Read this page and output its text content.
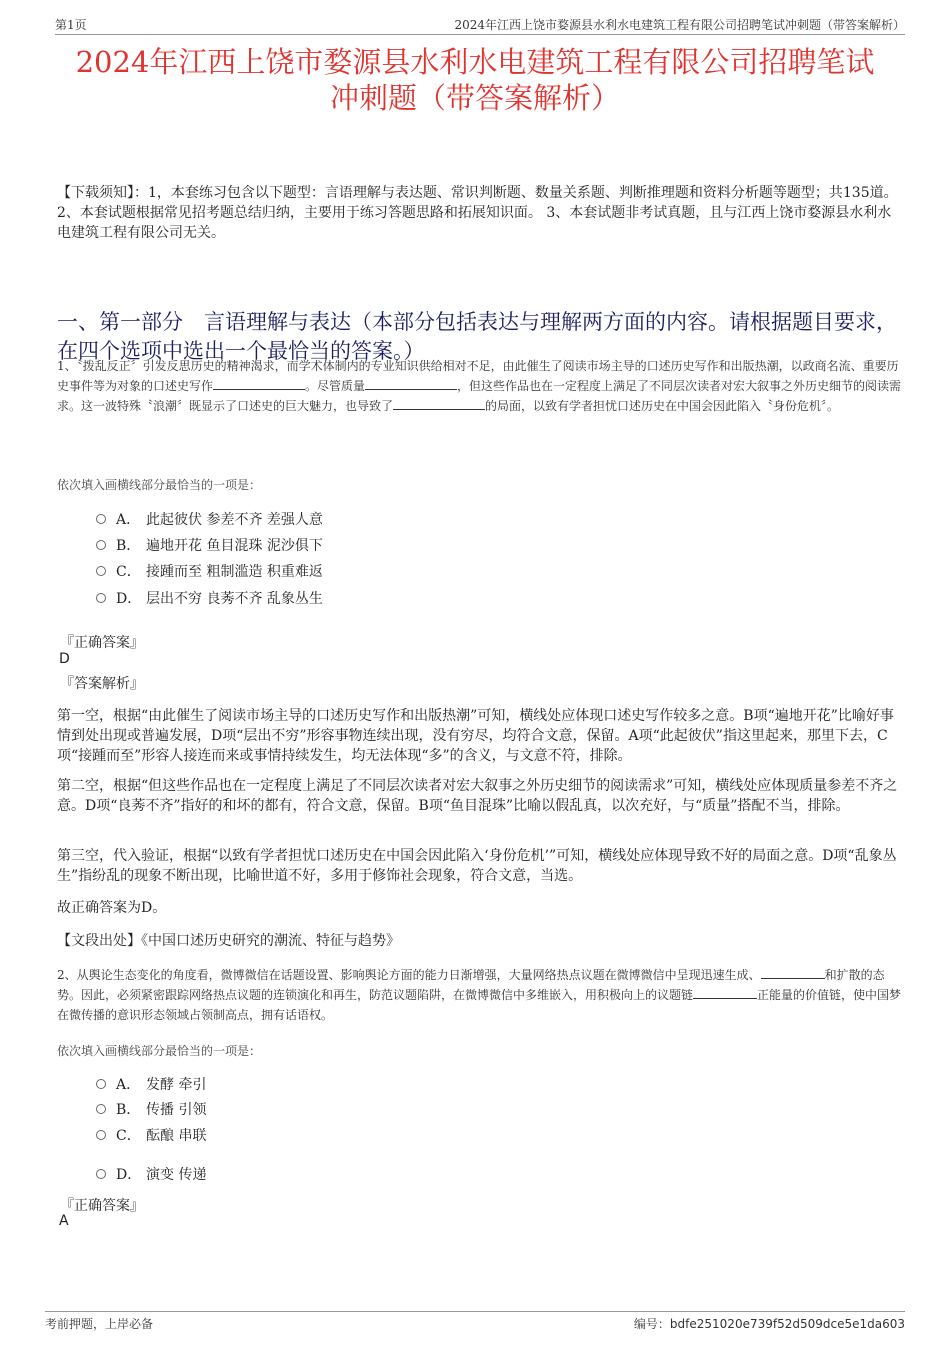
第1页	2024年江西上饶市婺源县水利水电建筑工程有限公司招聘笔试冲刺题（带答案解析）
2024年江西上饶市婺源县水利水电建筑工程有限公司招聘笔试
冲刺题（带答案解析）
【下载须知】：1，本套练习包含以下题型：言语理解与表达题、常识判断题、数量关系题、判断推理题和资料分析题等题型；共135道。 2、本套试题根据常见招考题总结归纳，主要用于练习答题思路和拓展知识面。 3、本套试题非考试真题，且与江西上饶市婺源县水利水电建筑工程有限公司无关。
一、第一部分　言语理解与表达（本部分包括表达与理解两方面的内容。请根据题目要求，在四个选项中选出一个最恰当的答案。）
1、〝拨乱反正〞引发反思历史的精神渴求，而学术体制内的专业知识供给相对不足，由此催生了阅读市场主导的口述历史写作和出版热潮，以政商名流、重要历史事件等为对象的口述史写作	。尽管质量	，但这些作品也在一定程度上满足了不同层次读者对宏大叙事之外历史细节的阅读需求。这一波特殊〝浪潮〞既显示了口述史的巨大魅力，也导致了	的局面，以致有学者担忧口述历史在中国会因此陷入〝身份危机〞。
依次填入画横线部分最恰当的一项是：
A． 此起彼伏 参差不齐 差强人意
B． 遍地开花 鱼目混珠 泥沙俱下
C． 接踵而至 粗制滥造 积重难返
D． 层出不穷 良莠不齐 乱象丛生
『正确答案』
D
『答案解析』
第一空，根据“由此催生了阅读市场主导的口述历史写作和出版热潮”可知，横线处应体现口述史写作较多之意。B项“遍地开花”比喻好事情到处出现或普遍发展，D项“层出不穷”形容事物连续出现，没有穷尽，均符合文意，保留。A项“此起彼伏”指这里起来，那里下去，C项“接踵而至”形容人接连而来或事情持续发生，均无法体现“多”的含义，与文意不符，排除。
第二空，根据“但这些作品也在一定程度上满足了不同层次读者对宏大叙事之外历史细节的阅读需求”可知，横线处应体现质量参差不齐之意。D项“良莠不齐”指好的和坏的都有，符合文意，保留。B项“鱼目混珠”比喻以假乱真，以次充好，与“质量”搭配不当，排除。
第三空，代入验证，根据“以致有学者担忧口述历史在中国会因此陷入‘身份危机’”可知，横线处应体现导致不好的局面之意。D项“乱象丛生”指纷乱的现象不断出现，比喻世道不好，多用于修饰社会现象，符合文意，当选。
故正确答案为D。
【文段出处】《中国口述历史研究的潮流、特征与趋势》
2、从舆论生态变化的角度看，微博微信在话题设置、影响舆论方面的能力日渐增强，大量网络热点议题在微博微信中呈现迅速生成、	和扩散的态势。因此，必须紧密跟踪网络热点议题的连锁演化和再生，防范议题陷阱，在微博微信中多维嵌入，用积极向上的议题链	正能量的价值链，使中国梦在微传播的意识形态领域占领制高点，拥有话语权。
依次填入画横线部分最恰当的一项是：
A． 发酵 牵引
B． 传播 引领
C． 酝酿 串联
D． 演变 传递
『正确答案』
A
考前押题，上岸必备	编号：bdfe251020e739f52d509dce5e1da603
